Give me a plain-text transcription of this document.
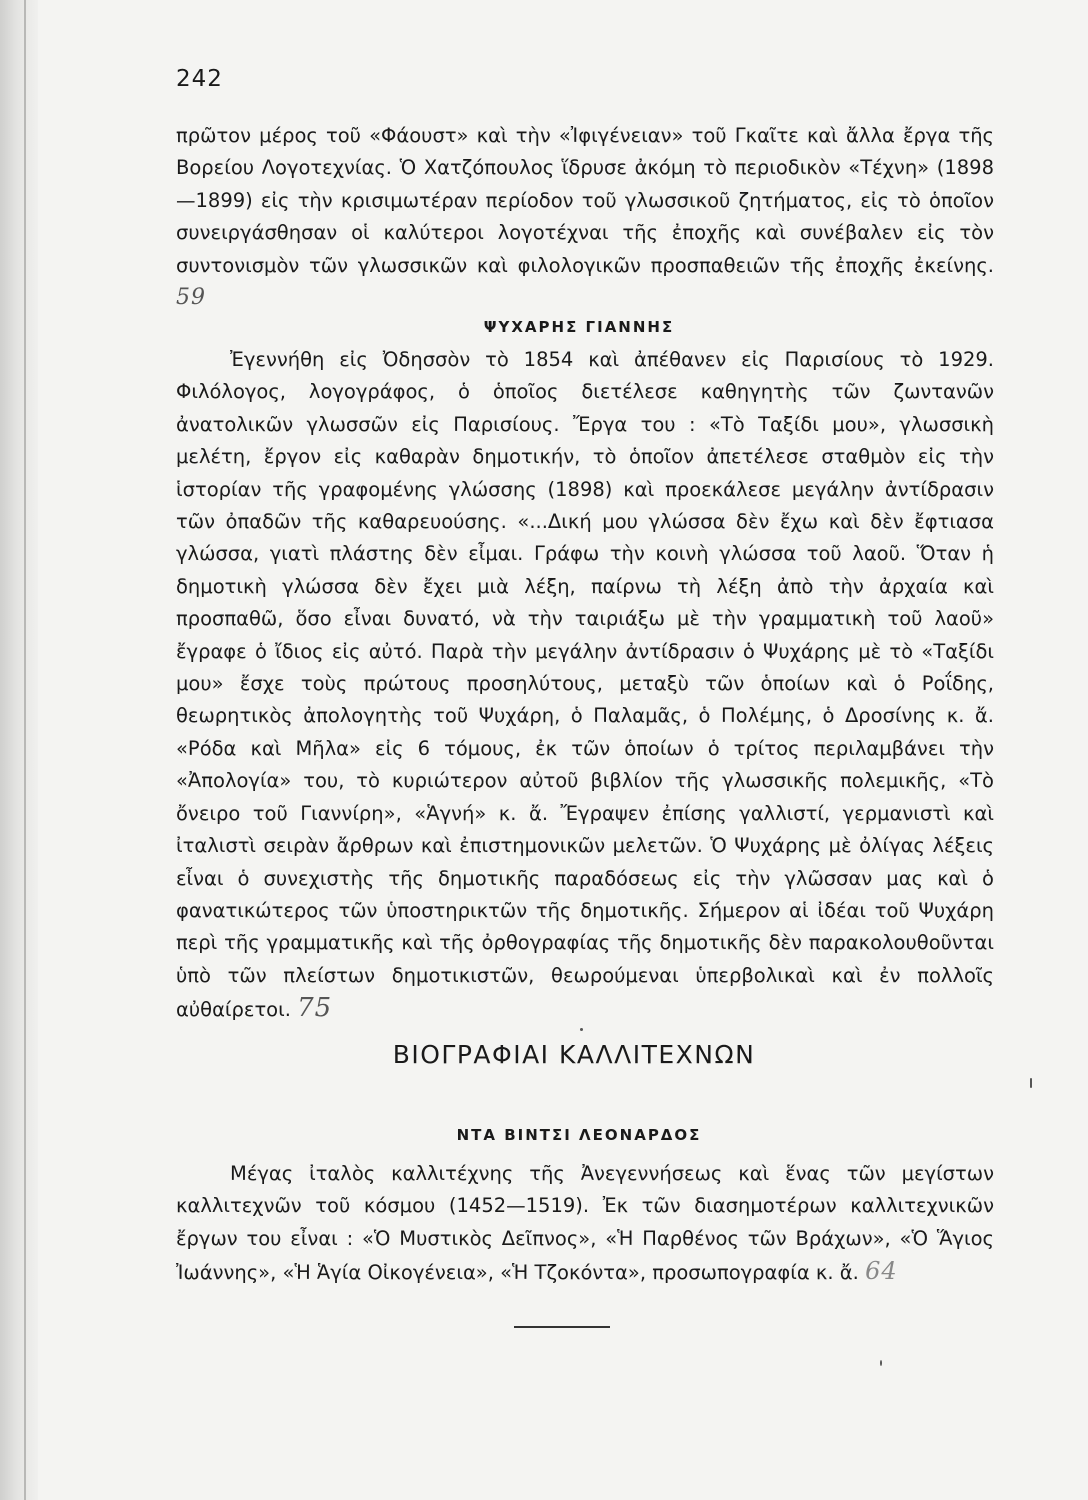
242

πρῶτον μέρος τοῦ «Φάουστ» καὶ τὴν «Ἰφιγένειαν» τοῦ Γκαῖτε καὶ ἄλλα ἔργα τῆς Βορείου Λογοτεχνίας. Ὁ Χατζόπουλος ἵδρυσε ἀκόμη τὸ περιοδικὸν «Τέχνη» (1898—1899) εἰς τὴν κρισιμωτέραν περίοδον τοῦ γλωσσικοῦ ζητήματος, εἰς τὸ ὁποῖον συνειργάσθησαν οἱ καλύτεροι λογοτέχναι τῆς ἐποχῆς καὶ συνέβαλεν εἰς τὸν συντονισμὸν τῶν γλωσσικῶν καὶ φιλολογικῶν προσπαθειῶν τῆς ἐποχῆς ἐκείνης. 59

ΨΥΧΑΡΗΣ ΓΙΑΝΝΗΣ

Ἐγεννήθη εἰς Ὀδησσὸν τὸ 1854 καὶ ἀπέθανεν εἰς Παρισίους τὸ 1929. Φιλόλογος, λογογράφος, ὁ ὁποῖος διετέλεσε καθηγητὴς τῶν ζωντανῶν ἀνατολικῶν γλωσσῶν εἰς Παρισίους. Ἔργα του : «Τὸ Ταξίδι μου», γλωσσικὴ μελέτη, ἔργον εἰς καθαρὰν δημοτικήν, τὸ ὁποῖον ἀπετέλεσε σταθμὸν εἰς τὴν ἱστορίαν τῆς γραφομένης γλώσσης (1898) καὶ προεκάλεσε μεγάλην ἀντίδρασιν τῶν ὀπαδῶν τῆς καθαρευούσης. «...Δική μου γλώσσα δὲν ἔχω καὶ δὲν ἔφτιασα γλώσσα, γιατὶ πλάστης δὲν εἶμαι. Γράφω τὴν κοινὴ γλώσσα τοῦ λαοῦ. Ὅταν ἡ δημοτικὴ γλώσσα δὲν ἔχει μιὰ λέξη, παίρνω τὴ λέξη ἀπὸ τὴν ἀρχαία καὶ προσπαθῶ, ὅσο εἶναι δυνατό, νὰ τὴν ταιριάξω μὲ τὴν γραμματικὴ τοῦ λαοῦ» ἔγραφε ὁ ἴδιος εἰς αὐτό. Παρὰ τὴν μεγάλην ἀντίδρασιν ὁ Ψυχάρης μὲ τὸ «Ταξίδι μου» ἔσχε τοὺς πρώτους προσηλύτους, μεταξὺ τῶν ὁποίων καὶ ὁ Ροΐδης, θεωρητικὸς ἀπολογητὴς τοῦ Ψυχάρη, ὁ Παλαμᾶς, ὁ Πολέμης, ὁ Δροσίνης κ. ἄ. «Ρόδα καὶ Μῆλα» εἰς 6 τόμους, ἐκ τῶν ὁποίων ὁ τρίτος περιλαμβάνει τὴν «Ἀπολογία» του, τὸ κυριώτερον αὐτοῦ βιβλίον τῆς γλωσσικῆς πολεμικῆς, «Τὸ ὄνειρο τοῦ Γιαννίρη», «Ἁγνή» κ. ἄ. Ἔγραψεν ἐπίσης γαλλιστί, γερμανιστὶ καὶ ἰταλιστὶ σειρὰν ἄρθρων καὶ ἐπιστημονικῶν μελετῶν. Ὁ Ψυχάρης μὲ ὀλίγας λέξεις εἶναι ὁ συνεχιστὴς τῆς δημοτικῆς παραδόσεως εἰς τὴν γλῶσσαν μας καὶ ὁ φανατικώτερος τῶν ὑποστηρικτῶν τῆς δημοτικῆς. Σήμερον αἱ ἰδέαι τοῦ Ψυχάρη περὶ τῆς γραμματικῆς καὶ τῆς ὀρθογραφίας τῆς δημοτικῆς δὲν παρακολουθοῦνται ὑπὸ τῶν πλείστων δημοτικιστῶν, θεωρούμεναι ὑπερβολικαὶ καὶ ἐν πολλοῖς αὐθαίρετοι. 75

ΒΙΟΓΡΑΦΙΑΙ ΚΑΛΛΙΤΕΧΝΩΝ
ΝΤΑ ΒΙΝΤΣΙ ΛΕΟΝΑΡΔΟΣ

Μέγας ἰταλὸς καλλιτέχνης τῆς Ἀνεγεννήσεως καὶ ἕνας τῶν μεγίστων καλλιτεχνῶν τοῦ κόσμου (1452—1519). Ἐκ τῶν διασημοτέρων καλλιτεχνικῶν ἔργων του εἶναι : «Ὁ Μυστικὸς Δεῖπνος», «Ἡ Παρθένος τῶν Βράχων», «Ὁ Ἅγιος Ἰωάννης», «Ἡ Ἁγία Οἰκογένεια», «Ἡ Τζοκόντα», προσωπογραφία κ. ἄ. 64
